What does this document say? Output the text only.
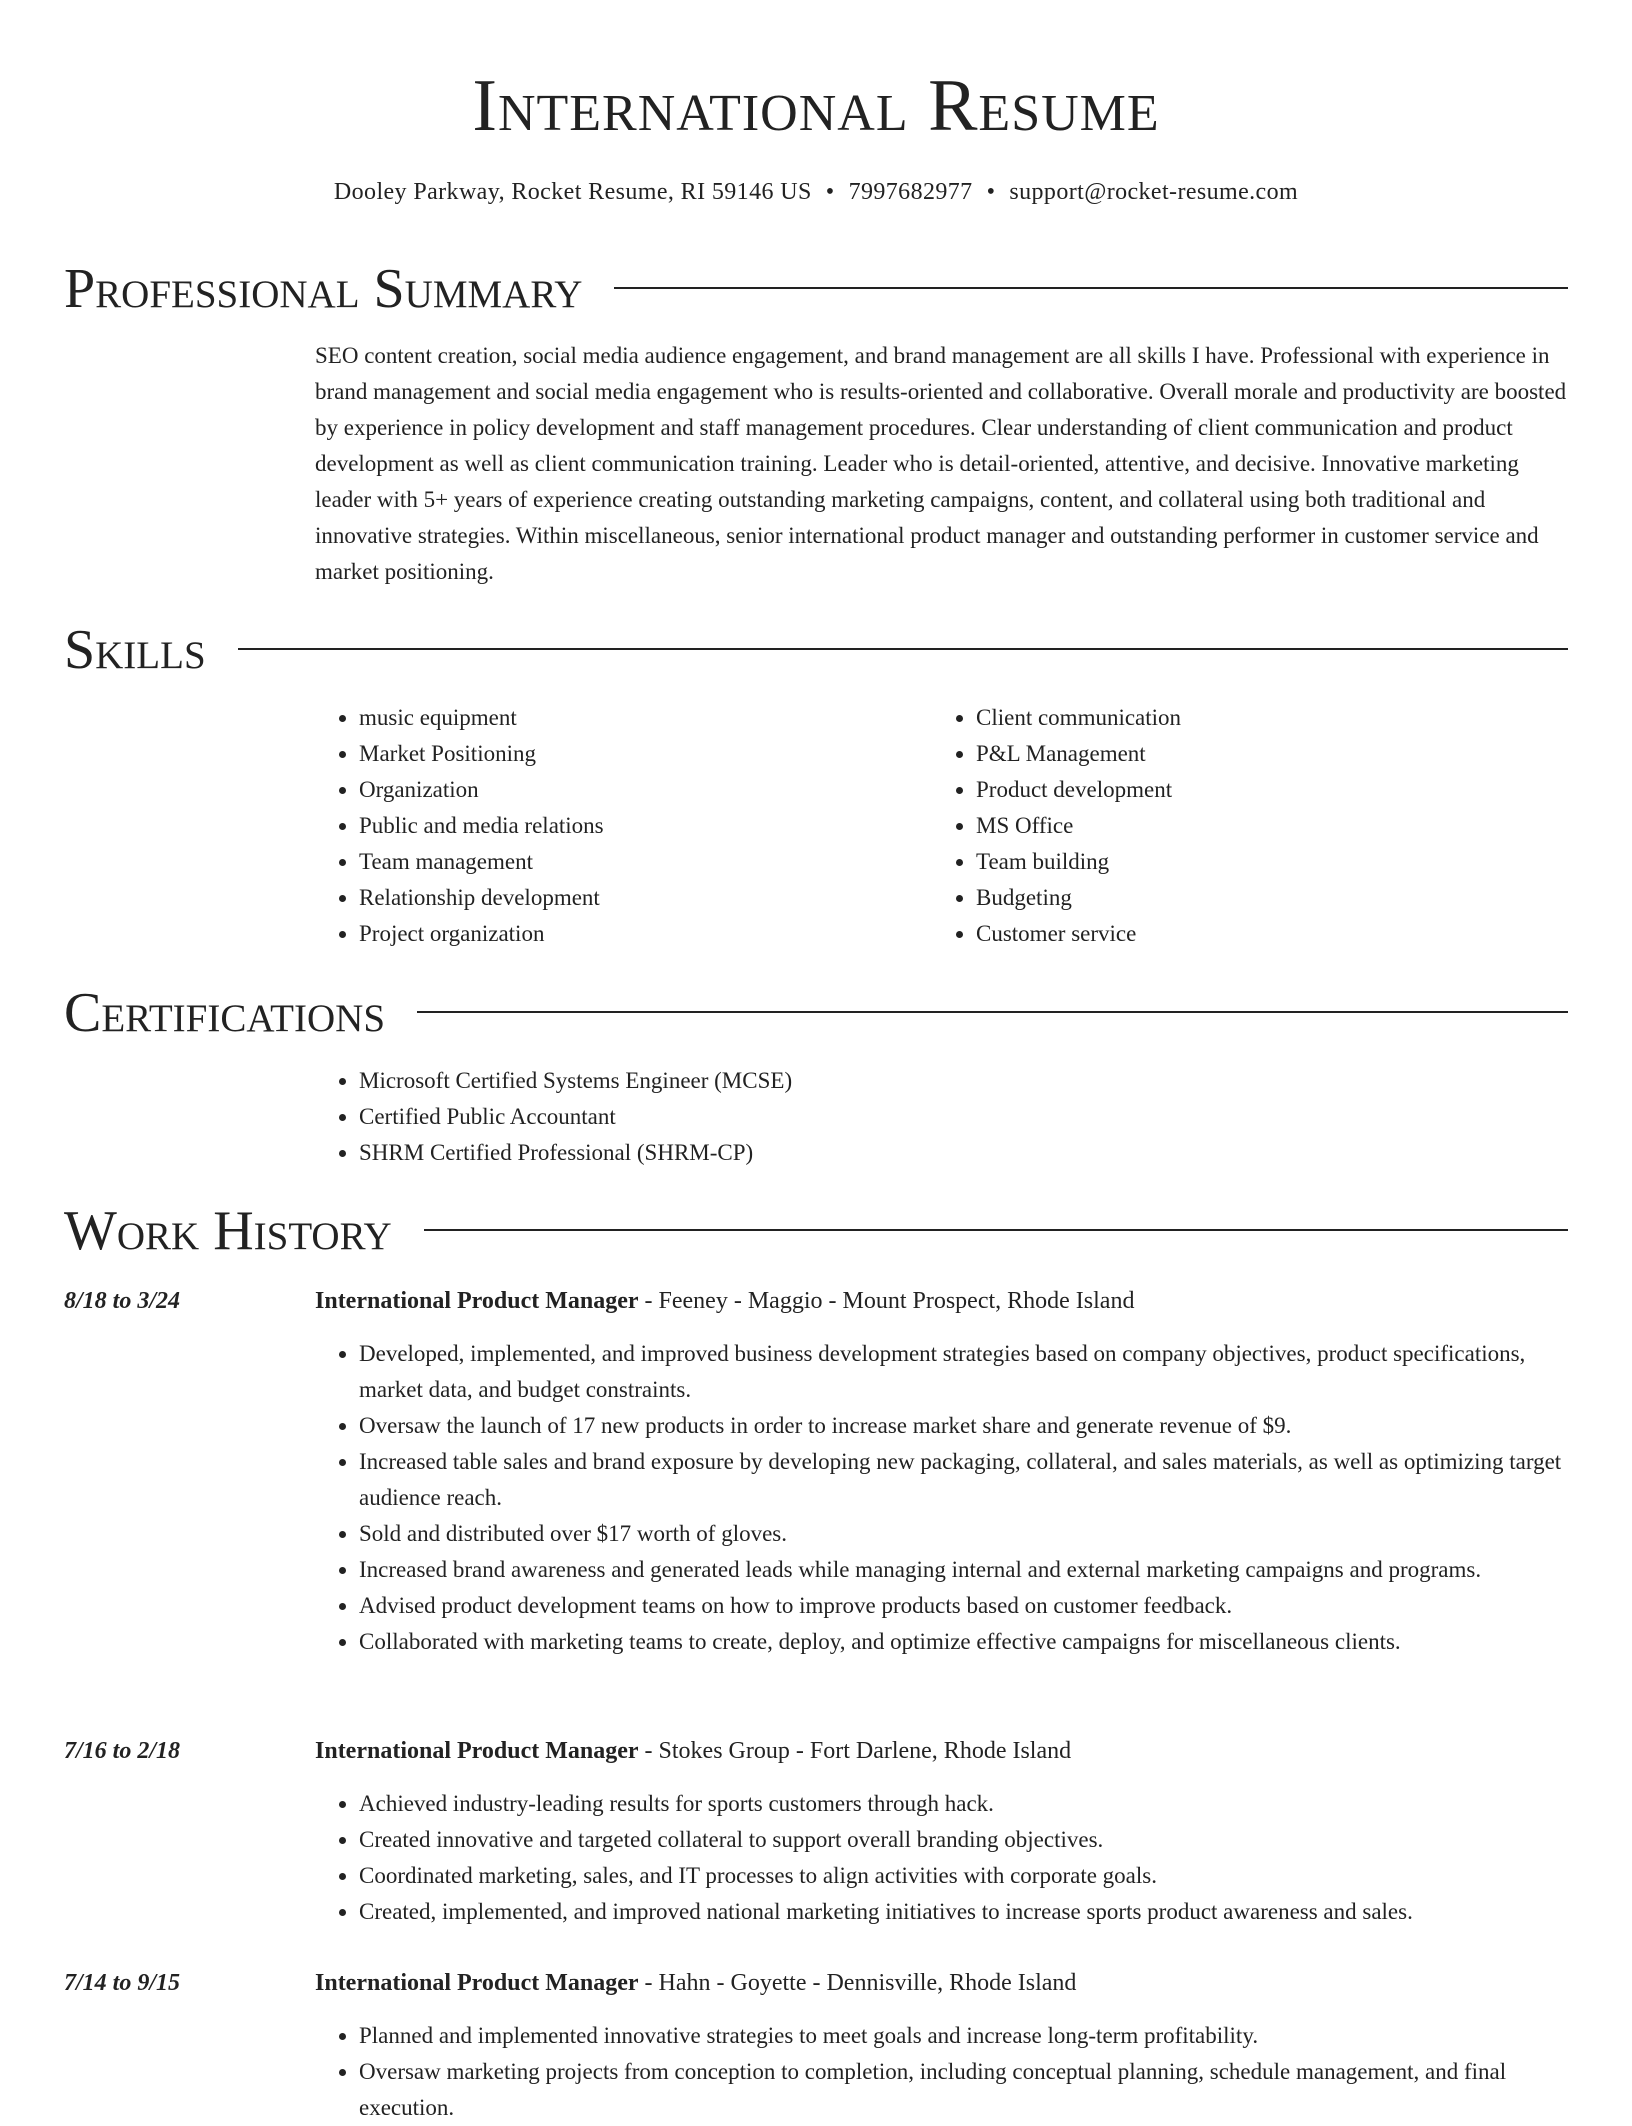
International Resume
Dooley Parkway, Rocket Resume, RI 59146 US • 7997682977 • support@rocket-resume.com
Professional Summary

SEO content creation, social media audience engagement, and brand management are all skills I have. Professional with experience in brand management and social media engagement who is results-oriented and collaborative. Overall morale and productivity are boosted by experience in policy development and staff management procedures. Clear understanding of client communication and product development as well as client communication training. Leader who is detail-oriented, attentive, and decisive. Innovative marketing leader with 5+ years of experience creating outstanding marketing campaigns, content, and collateral using both traditional and innovative strategies. Within miscellaneous, senior international product manager and outstanding performer in customer service and market positioning.

Skills
• music equipment
• Market Positioning
• Organization
• Public and media relations
• Team management
• Relationship development
• Project organization
• Client communication
• P&L Management
• Product development
• MS Office
• Team building
• Budgeting
• Customer service
Certifications
• Microsoft Certified Systems Engineer (MCSE)
• Certified Public Accountant
• SHRM Certified Professional (SHRM-CP)
Work History
8/18 to 3/24	International Product Manager - Feeney - Maggio - Mount Prospect, Rhode Island
• Developed, implemented, and improved business development strategies based on company objectives, product specifications, market data, and budget constraints.
• Oversaw the launch of 17 new products in order to increase market share and generate revenue of $9.
• Increased table sales and brand exposure by developing new packaging, collateral, and sales materials, as well as optimizing target audience reach.
• Sold and distributed over $17 worth of gloves.
• Increased brand awareness and generated leads while managing internal and external marketing campaigns and programs.
• Advised product development teams on how to improve products based on customer feedback.
• Collaborated with marketing teams to create, deploy, and optimize effective campaigns for miscellaneous clients.
7/16 to 2/18	International Product Manager - Stokes Group - Fort Darlene, Rhode Island
• Achieved industry-leading results for sports customers through hack.
• Created innovative and targeted collateral to support overall branding objectives.
• Coordinated marketing, sales, and IT processes to align activities with corporate goals.
• Created, implemented, and improved national marketing initiatives to increase sports product awareness and sales.
7/14 to 9/15	International Product Manager - Hahn - Goyette - Dennisville, Rhode Island
• Planned and implemented innovative strategies to meet goals and increase long-term profitability.
• Oversaw marketing projects from conception to completion, including conceptual planning, schedule management, and final execution.
